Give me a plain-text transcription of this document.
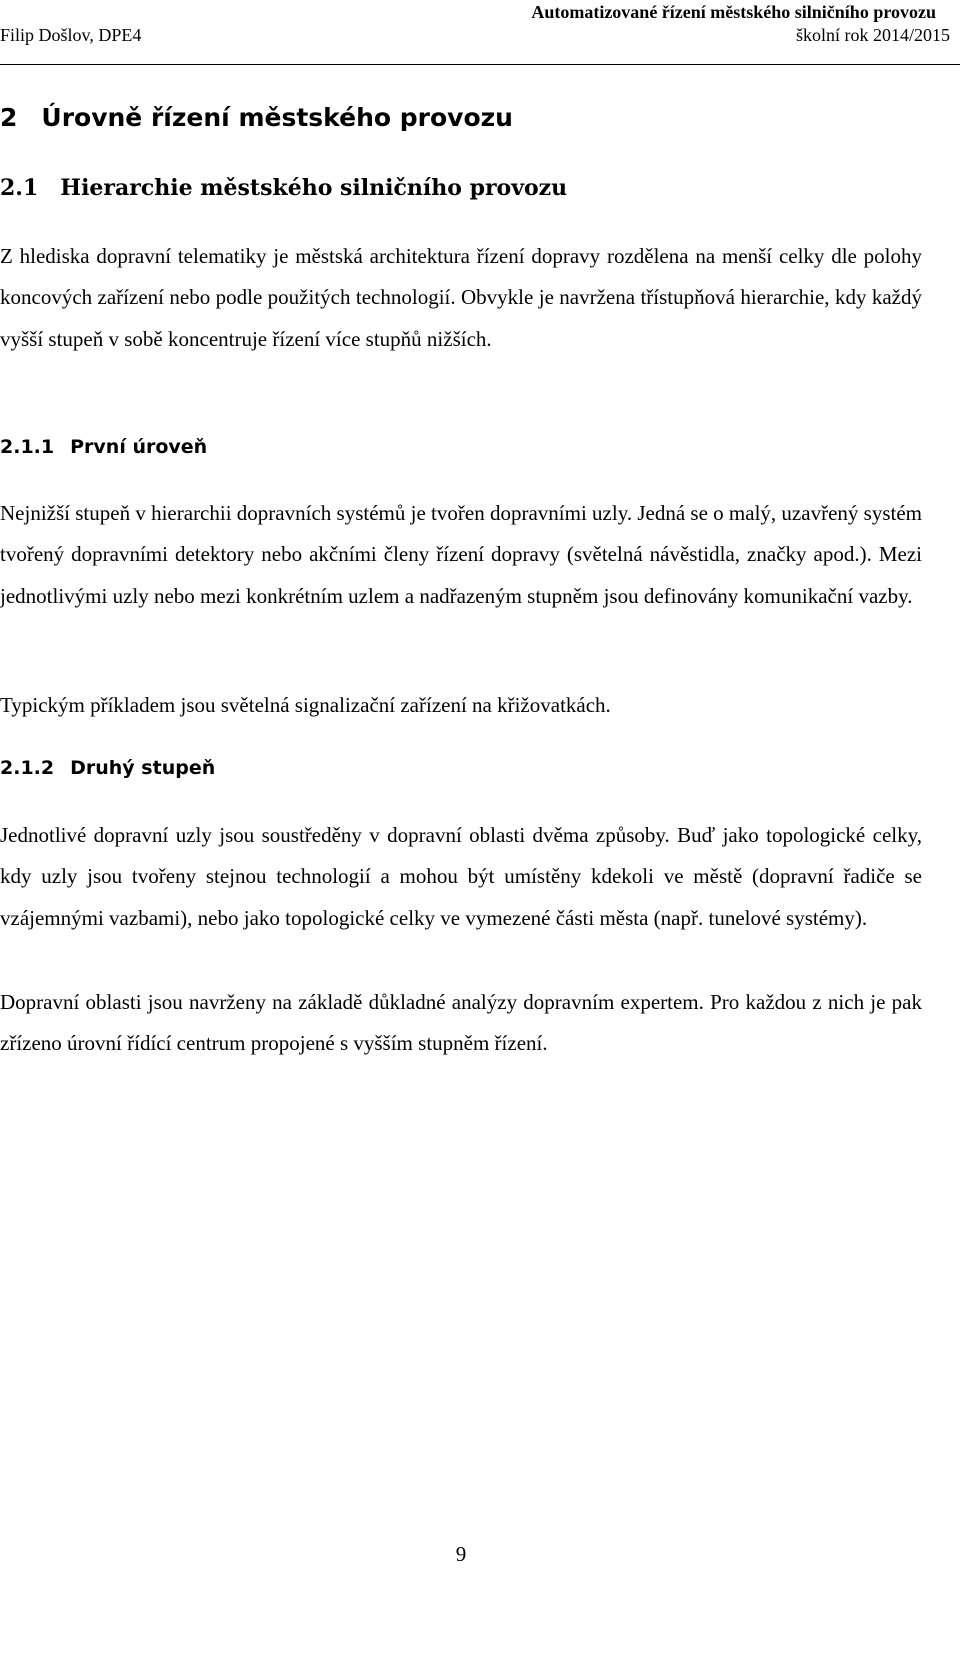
Automatizované řízení městského silničního provozu
Filip Došlov, DPE4	školní rok 2014/2015
2 Úrovně řízení městského provozu
2.1 Hierarchie městského silničního provozu
Z hlediska dopravní telematiky je městská architektura řízení dopravy rozdělena na menší celky dle polohy koncových zařízení nebo podle použitých technologií. Obvykle je navržena třístupňová hierarchie, kdy každý vyšší stupeň v sobě koncentruje řízení více stupňů nižších.
2.1.1 První úroveň
Nejnižší stupeň v hierarchii dopravních systémů je tvořen dopravními uzly. Jedná se o malý, uzavřený systém tvořený dopravními detektory nebo akčními členy řízení dopravy (světelná návěstidla, značky apod.). Mezi jednotlivými uzly nebo mezi konkrétním uzlem a nadřazeným stupněm jsou definovány komunikační vazby.
Typickým příkladem jsou světelná signalizační zařízení na křižovatkách.
2.1.2 Druhý stupeň
Jednotlivé dopravní uzly jsou soustředěny v dopravní oblasti dvěma způsoby. Buď jako topologické celky, kdy uzly jsou tvořeny stejnou technologií a mohou být umístěny kdekoli ve městě (dopravní řadiče se vzájemnými vazbami), nebo jako topologické celky ve vymezené části města (např. tunelové systémy).
Dopravní oblasti jsou navrženy na základě důkladné analýzy dopravním expertem. Pro každou z nich je pak zřízeno úrovní řídící centrum propojené s vyšším stupněm řízení.
9
